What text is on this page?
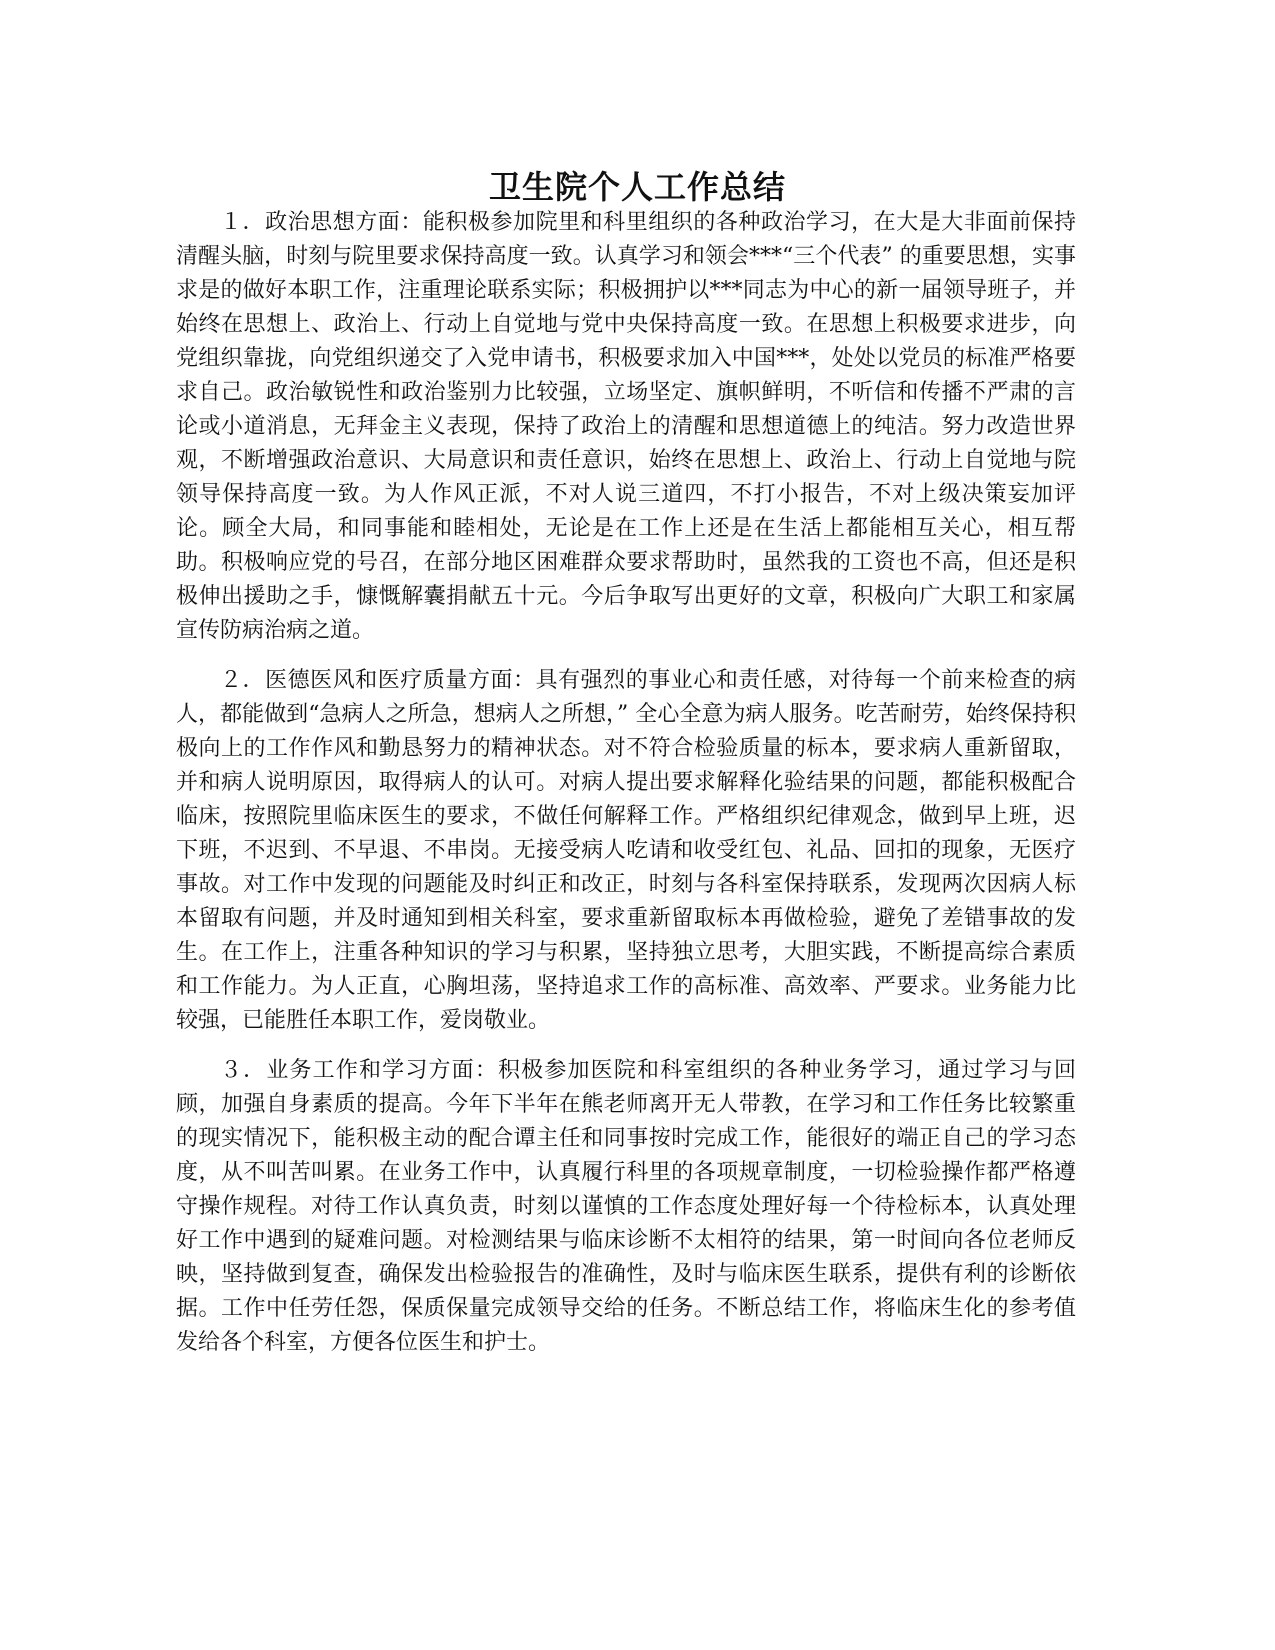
卫生院个人工作总结

１．政治思想方面：能积极参加院里和科里组织的各种政治学习，在大是大非面前保持清醒头脑，时刻与院里要求保持高度一致。认真学习和领会***“三个代表” 的重要思想，实事求是的做好本职工作，注重理论联系实际；积极拥护以***同志为中心的新一届领导班子，并始终在思想上、政治上、行动上自觉地与党中央保持高度一致。在思想上积极要求进步，向党组织靠拢，向党组织递交了入党申请书，积极要求加入中国***，处处以党员的标准严格要求自己。政治敏锐性和政治鉴别力比较强，立场坚定、旗帜鲜明，不听信和传播不严肃的言论或小道消息，无拜金主义表现，保持了政治上的清醒和思想道德上的纯洁。努力改造世界观，不断增强政治意识、大局意识和责任意识，始终在思想上、政治上、行动上自觉地与院领导保持高度一致。为人作风正派，不对人说三道四，不打小报告，不对上级决策妄加评论。顾全大局，和同事能和睦相处，无论是在工作上还是在生活上都能相互关心，相互帮助。积极响应党的号召，在部分地区困难群众要求帮助时，虽然我的工资也不高，但还是积极伸出援助之手，慷慨解囊捐献五十元。今后争取写出更好的文章，积极向广大职工和家属宣传防病治病之道。

２．医德医风和医疗质量方面：具有强烈的事业心和责任感，对待每一个前来检查的病人，都能做到“急病人之所急，想病人之所想，” 全心全意为病人服务。吃苦耐劳，始终保持积极向上的工作作风和勤恳努力的精神状态。对不符合检验质量的标本，要求病人重新留取，并和病人说明原因，取得病人的认可。对病人提出要求解释化验结果的问题，都能积极配合临床，按照院里临床医生的要求，不做任何解释工作。严格组织纪律观念，做到早上班，迟下班，不迟到、不早退、不串岗。无接受病人吃请和收受红包、礼品、回扣的现象，无医疗事故。对工作中发现的问题能及时纠正和改正，时刻与各科室保持联系，发现两次因病人标本留取有问题，并及时通知到相关科室，要求重新留取标本再做检验，避免了差错事故的发生。在工作上，注重各种知识的学习与积累，坚持独立思考，大胆实践，不断提高综合素质和工作能力。为人正直，心胸坦荡，坚持追求工作的高标准、高效率、严要求。业务能力比较强，已能胜任本职工作，爱岗敬业。

３．业务工作和学习方面：积极参加医院和科室组织的各种业务学习，通过学习与回顾，加强自身素质的提高。今年下半年在熊老师离开无人带教，在学习和工作任务比较繁重的现实情况下，能积极主动的配合谭主任和同事按时完成工作，能很好的端正自己的学习态度，从不叫苦叫累。在业务工作中，认真履行科里的各项规章制度，一切检验操作都严格遵守操作规程。对待工作认真负责，时刻以谨慎的工作态度处理好每一个待检标本，认真处理好工作中遇到的疑难问题。对检测结果与临床诊断不太相符的结果，第一时间向各位老师反映，坚持做到复查，确保发出检验报告的准确性，及时与临床医生联系，提供有利的诊断依据。工作中任劳任怨，保质保量完成领导交给的任务。不断总结工作，将临床生化的参考值发给各个科室，方便各位医生和护士。
